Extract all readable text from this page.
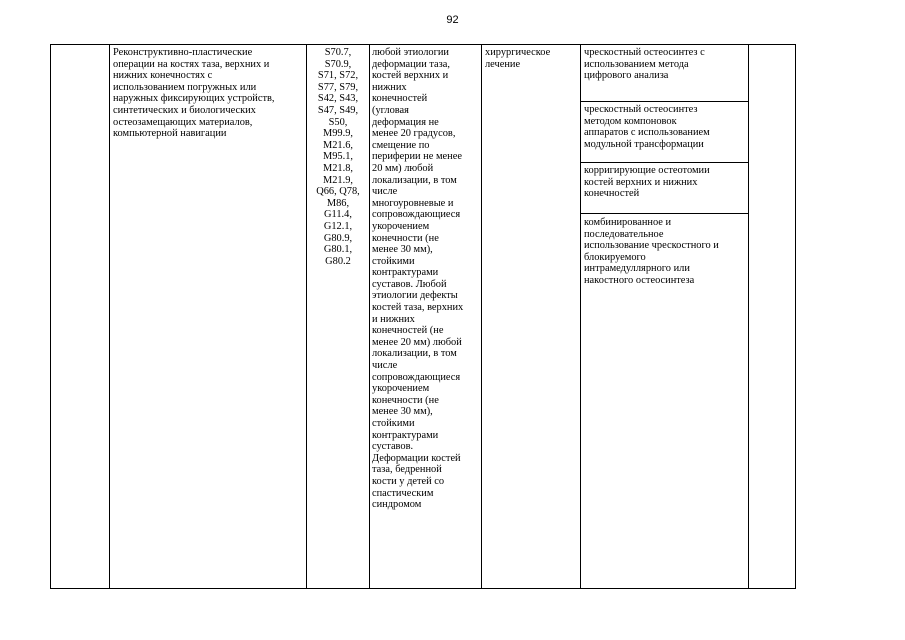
92
Реконструктивно-пластические
операции на костях таза, верхних и
нижних конечностях с
использованием погружных или
наружных фиксирующих устройств,
синтетических и биологических
остеозамещающих материалов,
компьютерной навигации
S70.7,
S70.9,
S71, S72,
S77, S79,
S42, S43,
S47, S49,
S50,
M99.9,
M21.6,
M95.1,
M21.8,
M21.9,
Q66, Q78,
M86,
G11.4,
G12.1,
G80.9,
G80.1,
G80.2
любой этиологии
деформации таза,
костей верхних и
нижних
конечностей
(угловая
деформация не
менее 20 градусов,
смещение по
периферии не менее
20 мм) любой
локализации, в том
числе
многоуровневые и
сопровождающиеся
укорочением
конечности (не
менее 30 мм),
стойкими
контрактурами
суставов. Любой
этиологии дефекты
костей таза, верхних
и нижних
конечностей (не
менее 20 мм) любой
локализации, в том
числе
сопровождающиеся
укорочением
конечности (не
менее 30 мм),
стойкими
контрактурами
суставов.
Деформации костей
таза, бедренной
кости у детей со
спастическим
синдромом
хирургическое
лечение
чрескостный остеосинтез с
использованием метода
цифрового анализа
чрескостный остеосинтез
методом компоновок
аппаратов с использованием
модульной трансформации
корригирующие остеотомии
костей верхних и нижних
конечностей
комбинированное и
последовательное
использование чрескостного и
блокируемого
интрамедуллярного или
накостного остеосинтеза
